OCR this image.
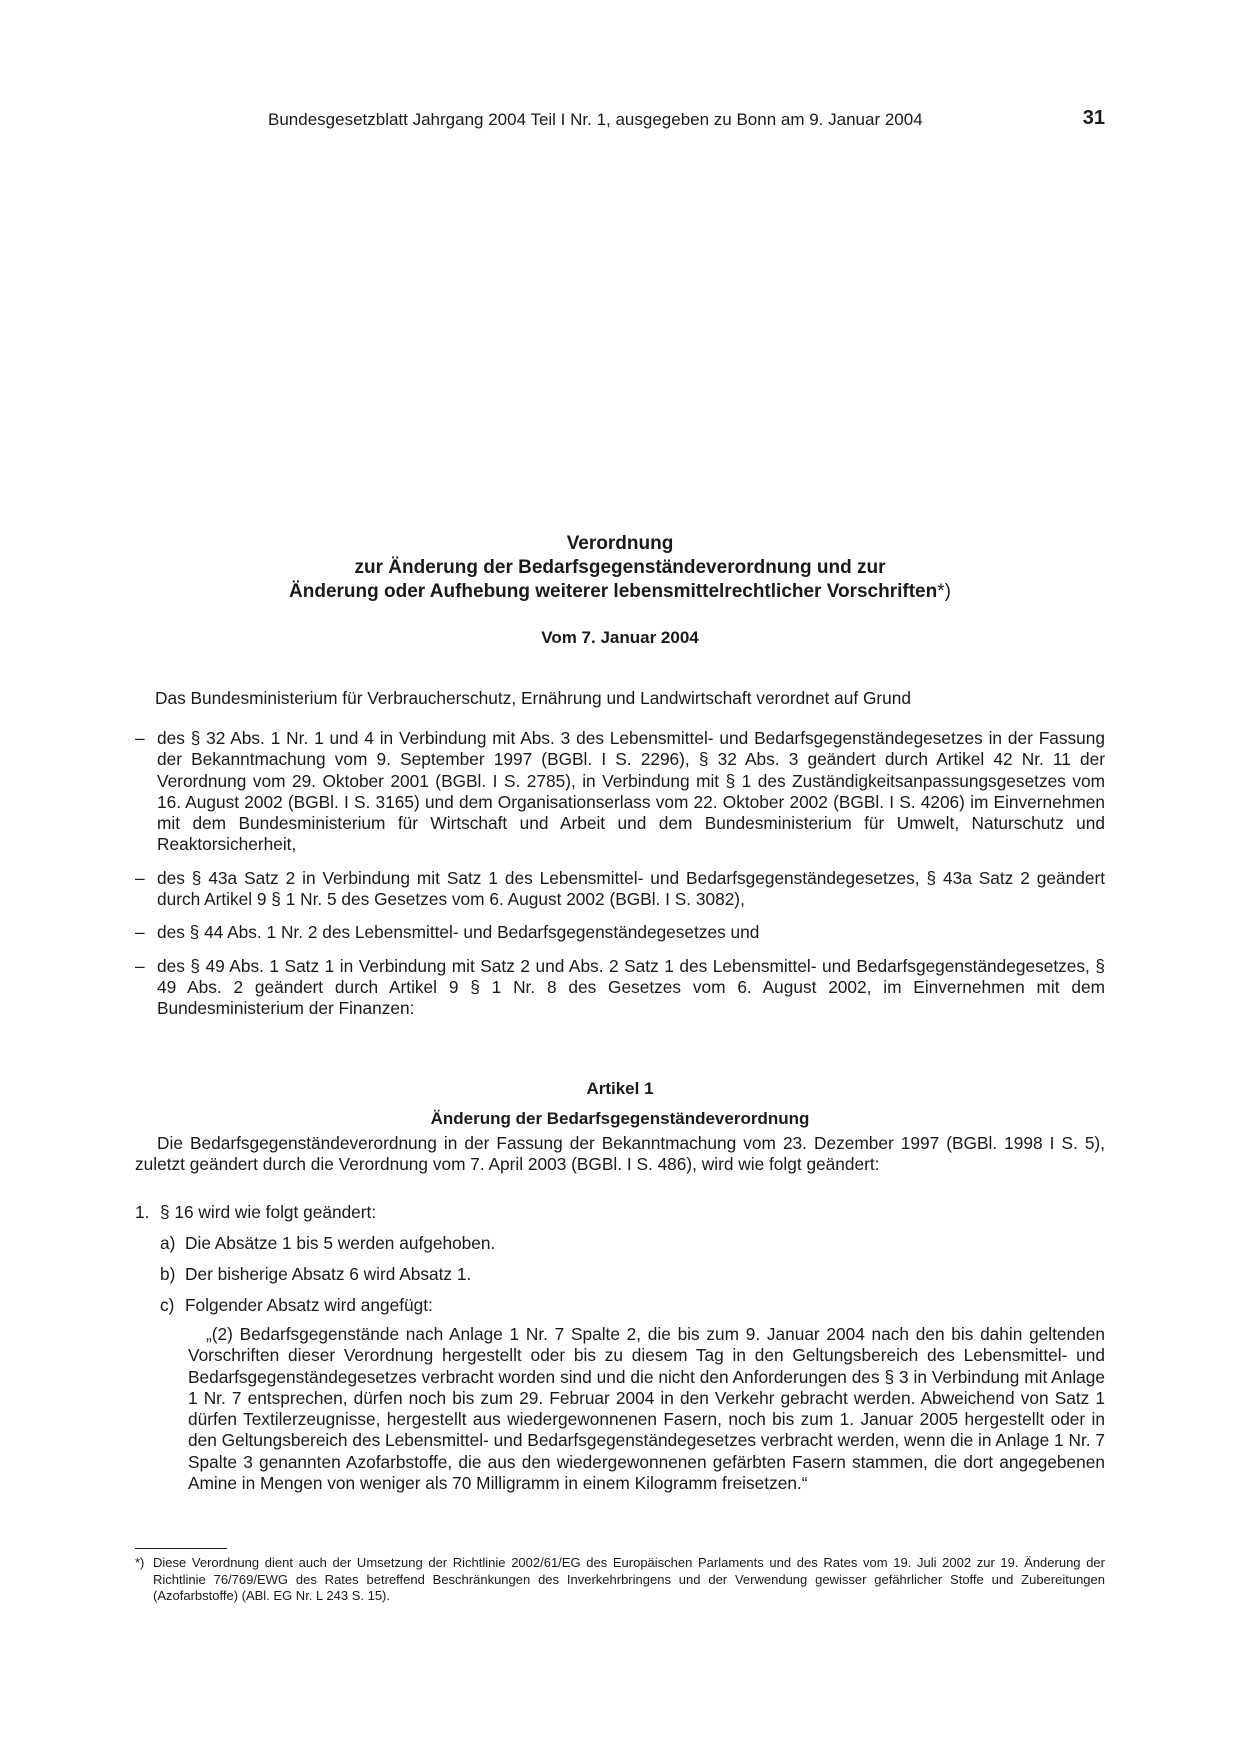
Bundesgesetzblatt Jahrgang 2004 Teil I Nr. 1, ausgegeben zu Bonn am 9. Januar 2004	31
Verordnung
zur Änderung der Bedarfsgegenständeverordnung und zur
Änderung oder Aufhebung weiterer lebensmittelrechtlicher Vorschriften*)
Vom 7. Januar 2004
Das Bundesministerium für Verbraucherschutz, Ernährung und Landwirtschaft verordnet auf Grund
– des § 32 Abs. 1 Nr. 1 und 4 in Verbindung mit Abs. 3 des Lebensmittel- und Bedarfsgegenständegesetzes in der Fassung der Bekanntmachung vom 9. September 1997 (BGBl. I S. 2296), § 32 Abs. 3 geändert durch Artikel 42 Nr. 11 der Verordnung vom 29. Oktober 2001 (BGBl. I S. 2785), in Verbindung mit § 1 des Zuständigkeitsanpassungsgesetzes vom 16. August 2002 (BGBl. I S. 3165) und dem Organisationserlass vom 22. Oktober 2002 (BGBl. I S. 4206) im Einvernehmen mit dem Bundesministerium für Wirtschaft und Arbeit und dem Bundesministerium für Umwelt, Naturschutz und Reaktorsicherheit,
– des § 43a Satz 2 in Verbindung mit Satz 1 des Lebensmittel- und Bedarfsgegenständegesetzes, § 43a Satz 2 geändert durch Artikel 9 § 1 Nr. 5 des Gesetzes vom 6. August 2002 (BGBl. I S. 3082),
– des § 44 Abs. 1 Nr. 2 des Lebensmittel- und Bedarfsgegenständegesetzes und
– des § 49 Abs. 1 Satz 1 in Verbindung mit Satz 2 und Abs. 2 Satz 1 des Lebensmittel- und Bedarfsgegenständegesetzes, § 49 Abs. 2 geändert durch Artikel 9 § 1 Nr. 8 des Gesetzes vom 6. August 2002, im Einvernehmen mit dem Bundesministerium der Finanzen:
Artikel 1
Änderung der Bedarfsgegenständeverordnung
Die Bedarfsgegenständeverordnung in der Fassung der Bekanntmachung vom 23. Dezember 1997 (BGBl. 1998 I S. 5), zuletzt geändert durch die Verordnung vom 7. April 2003 (BGBl. I S. 486), wird wie folgt geändert:
1. § 16 wird wie folgt geändert:
a) Die Absätze 1 bis 5 werden aufgehoben.
b) Der bisherige Absatz 6 wird Absatz 1.
c) Folgender Absatz wird angefügt:
„(2) Bedarfsgegenstände nach Anlage 1 Nr. 7 Spalte 2, die bis zum 9. Januar 2004 nach den bis dahin geltenden Vorschriften dieser Verordnung hergestellt oder bis zu diesem Tag in den Geltungsbereich des Lebensmittel- und Bedarfsgegenständegesetzes verbracht worden sind und die nicht den Anforderungen des § 3 in Verbindung mit Anlage 1 Nr. 7 entsprechen, dürfen noch bis zum 29. Februar 2004 in den Verkehr gebracht werden. Abweichend von Satz 1 dürfen Textilerzeugnisse, hergestellt aus wiedergewonnenen Fasern, noch bis zum 1. Januar 2005 hergestellt oder in den Geltungsbereich des Lebensmittel- und Bedarfsgegenständegesetzes verbracht werden, wenn die in Anlage 1 Nr. 7 Spalte 3 genannten Azofarbstoffe, die aus den wiedergewonnenen gefärbten Fasern stammen, die dort angegebenen Amine in Mengen von weniger als 70 Milligramm in einem Kilogramm freisetzen.“
*) Diese Verordnung dient auch der Umsetzung der Richtlinie 2002/61/EG des Europäischen Parlaments und des Rates vom 19. Juli 2002 zur 19. Änderung der Richtlinie 76/769/EWG des Rates betreffend Beschränkungen des Inverkehrbringens und der Verwendung gewisser gefährlicher Stoffe und Zubereitungen (Azofarbstoffe) (ABl. EG Nr. L 243 S. 15).
